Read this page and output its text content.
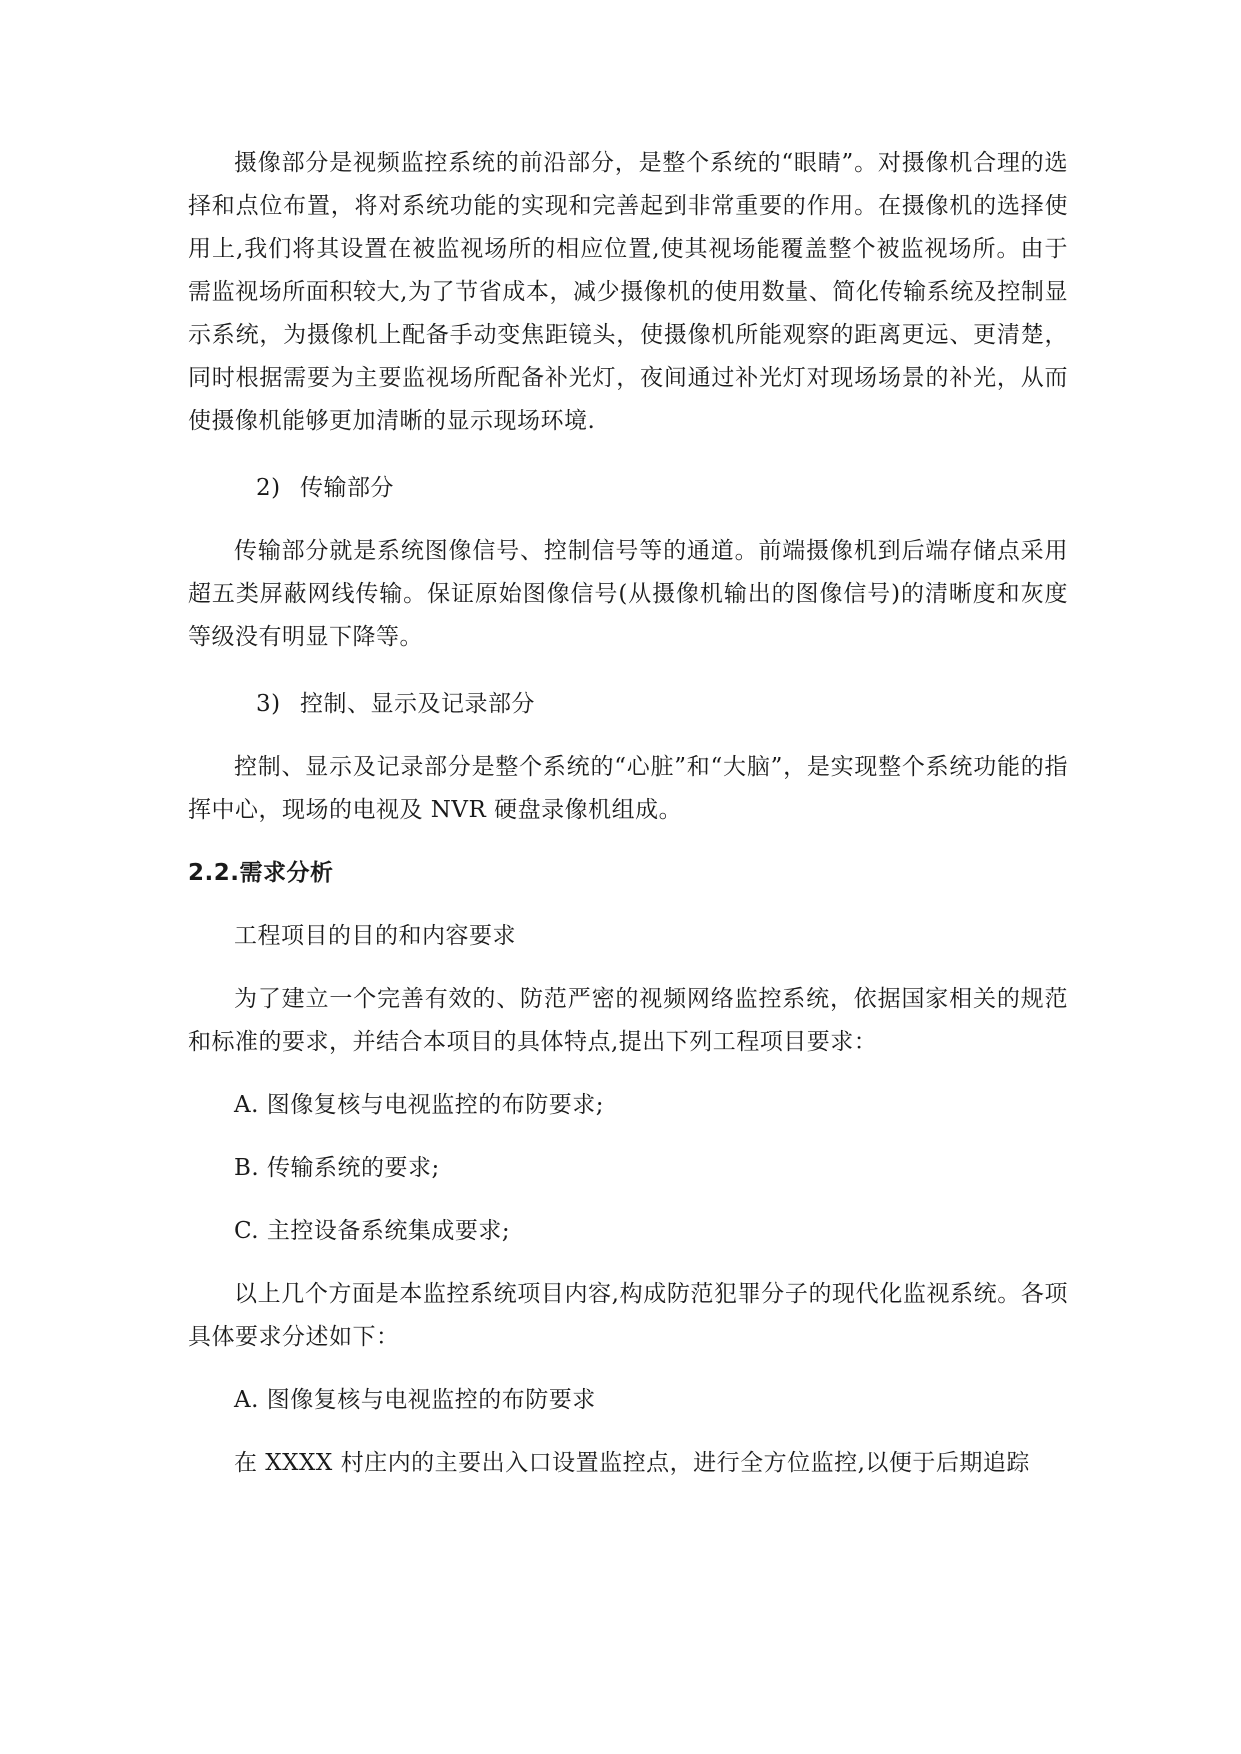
摄像部分是视频监控系统的前沿部分，是整个系统的“眼睛”。对摄像机合理的选择和点位布置，将对系统功能的实现和完善起到非常重要的作用。在摄像机的选择使用上,我们将其设置在被监视场所的相应位置,使其视场能覆盖整个被监视场所。由于需监视场所面积较大,为了节省成本，减少摄像机的使用数量、简化传输系统及控制显示系统，为摄像机上配备手动变焦距镜头，使摄像机所能观察的距离更远、更清楚，同时根据需要为主要监视场所配备补光灯，夜间通过补光灯对现场场景的补光，从而使摄像机能够更加清晰的显示现场环境.

2) 传输部分

传输部分就是系统图像信号、控制信号等的通道。前端摄像机到后端存储点采用超五类屏蔽网线传输。保证原始图像信号(从摄像机输出的图像信号)的清晰度和灰度等级没有明显下降等。

3) 控制、显示及记录部分

控制、显示及记录部分是整个系统的“心脏”和“大脑”，是实现整个系统功能的指挥中心，现场的电视及 NVR 硬盘录像机组成。

2.2.需求分析

工程项目的目的和内容要求

为了建立一个完善有效的、防范严密的视频网络监控系统，依据国家相关的规范和标准的要求，并结合本项目的具体特点,提出下列工程项目要求：

A. 图像复核与电视监控的布防要求;

B. 传输系统的要求;

C. 主控设备系统集成要求;

以上几个方面是本监控系统项目内容,构成防范犯罪分子的现代化监视系统。各项具体要求分述如下：

A. 图像复核与电视监控的布防要求

在 XXXX 村庄内的主要出入口设置监控点，进行全方位监控,以便于后期追踪
